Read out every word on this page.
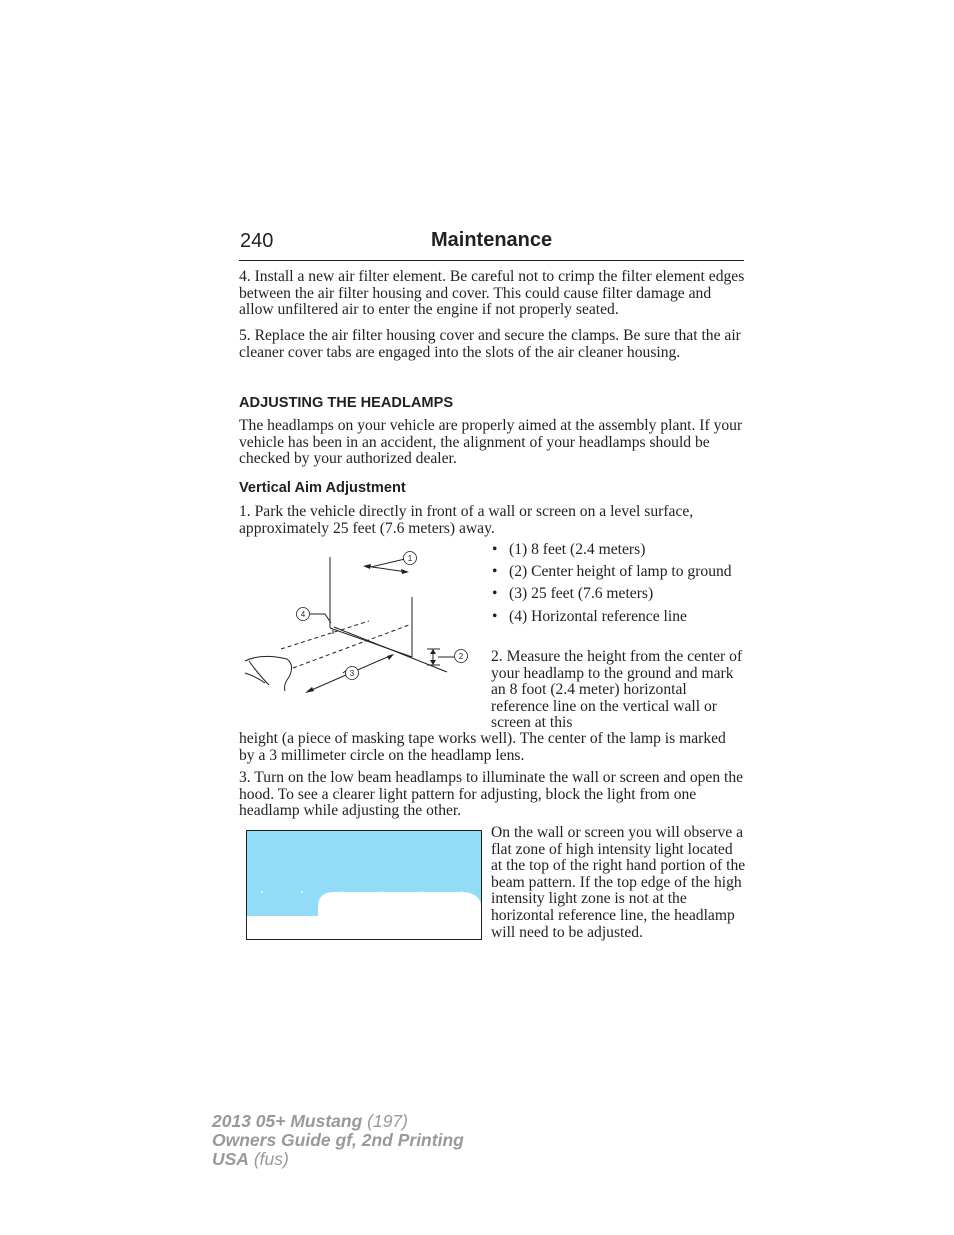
240	Maintenance

4. Install a new air filter element. Be careful not to crimp the filter element edges between the air filter housing and cover. This could cause filter damage and allow unfiltered air to enter the engine if not properly seated.

5. Replace the air filter housing cover and secure the clamps. Be sure that the air cleaner cover tabs are engaged into the slots of the air cleaner housing.

ADJUSTING THE HEADLAMPS

The headlamps on your vehicle are properly aimed at the assembly plant. If your vehicle has been in an accident, the alignment of your headlamps should be checked by your authorized dealer.

Vertical Aim Adjustment

1. Park the vehicle directly in front of a wall or screen on a level surface, approximately 25 feet (7.6 meters) away.

1
2
3
4
• (1) 8 feet (2.4 meters)
• (2) Center height of lamp to ground
• (3) 25 feet (7.6 meters)
• (4) Horizontal reference line

2. Measure the height from the center of your headlamp to the ground and mark an 8 foot (2.4 meter) horizontal reference line on the vertical wall or screen at this

height (a piece of masking tape works well). The center of the lamp is marked by a 3 millimeter circle on the headlamp lens.

3. Turn on the low beam headlamps to illuminate the wall or screen and open the hood. To see a clearer light pattern for adjusting, block the light from one headlamp while adjusting the other.

On the wall or screen you will observe a flat zone of high intensity light located at the top of the right hand portion of the beam pattern. If the top edge of the high intensity light zone is not at the horizontal reference line, the headlamp will need to be adjusted.

2013 05+ Mustang (197)
Owners Guide gf, 2nd Printing
USA (fus)
